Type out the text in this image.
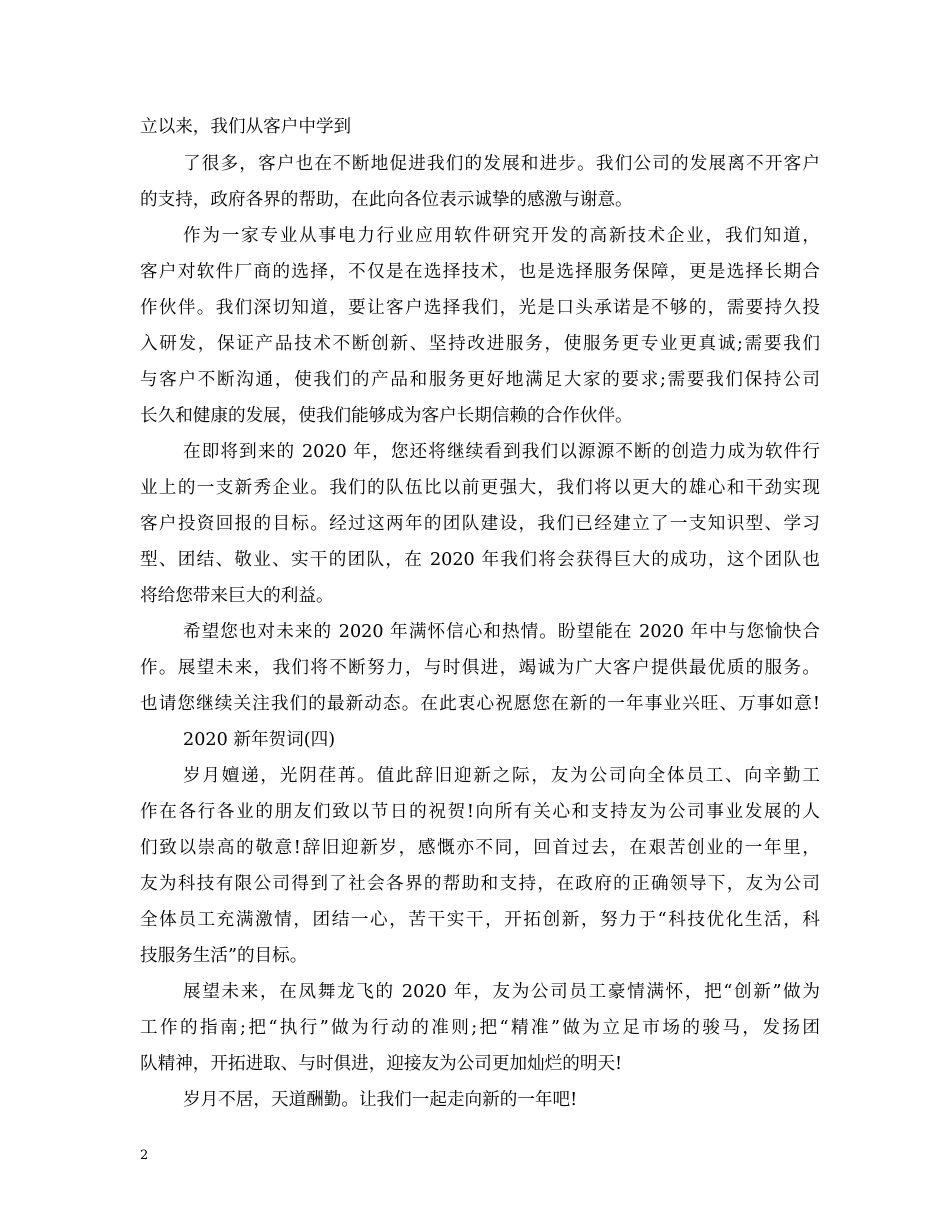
立以来，我们从客户中学到
了很多，客户也在不断地促进我们的发展和进步。我们公司的发展离不开客户
的支持，政府各界的帮助，在此向各位表示诚挚的感激与谢意。
作为一家专业从事电力行业应用软件研究开发的高新技术企业，我们知道，
客户对软件厂商的选择，不仅是在选择技术，也是选择服务保障，更是选择长期合
作伙伴。我们深切知道，要让客户选择我们，光是口头承诺是不够的，需要持久投
入研发，保证产品技术不断创新、坚持改进服务，使服务更专业更真诚;需要我们
与客户不断沟通，使我们的产品和服务更好地满足大家的要求;需要我们保持公司
长久和健康的发展，使我们能够成为客户长期信赖的合作伙伴。
在即将到来的 2020 年，您还将继续看到我们以源源不断的创造力成为软件行
业上的一支新秀企业。我们的队伍比以前更强大，我们将以更大的雄心和干劲实现
客户投资回报的目标。经过这两年的团队建设，我们已经建立了一支知识型、学习
型、团结、敬业、实干的团队，在 2020 年我们将会获得巨大的成功，这个团队也
将给您带来巨大的利益。
希望您也对未来的 2020 年满怀信心和热情。盼望能在 2020 年中与您愉快合
作。展望未来，我们将不断努力，与时俱进，竭诚为广大客户提供最优质的服务。
也请您继续关注我们的最新动态。在此衷心祝愿您在新的一年事业兴旺、万事如意!
2020 新年贺词(四)
岁月嬗递，光阴荏苒。值此辞旧迎新之际，友为公司向全体员工、向辛勤工
作在各行各业的朋友们致以节日的祝贺!向所有关心和支持友为公司事业发展的人
们致以崇高的敬意!辞旧迎新岁，感慨亦不同，回首过去，在艰苦创业的一年里，
友为科技有限公司得到了社会各界的帮助和支持，在政府的正确领导下，友为公司
全体员工充满激情，团结一心，苦干实干，开拓创新，努力于“科技优化生活，科
技服务生活”的目标。
展望未来，在凤舞龙飞的 2020 年，友为公司员工豪情满怀，把“创新”做为
工作的指南;把“执行”做为行动的准则;把“精准”做为立足市场的骏马，发扬团
队精神，开拓进取、与时俱进，迎接友为公司更加灿烂的明天!
岁月不居，天道酬勤。让我们一起走向新的一年吧!
2
